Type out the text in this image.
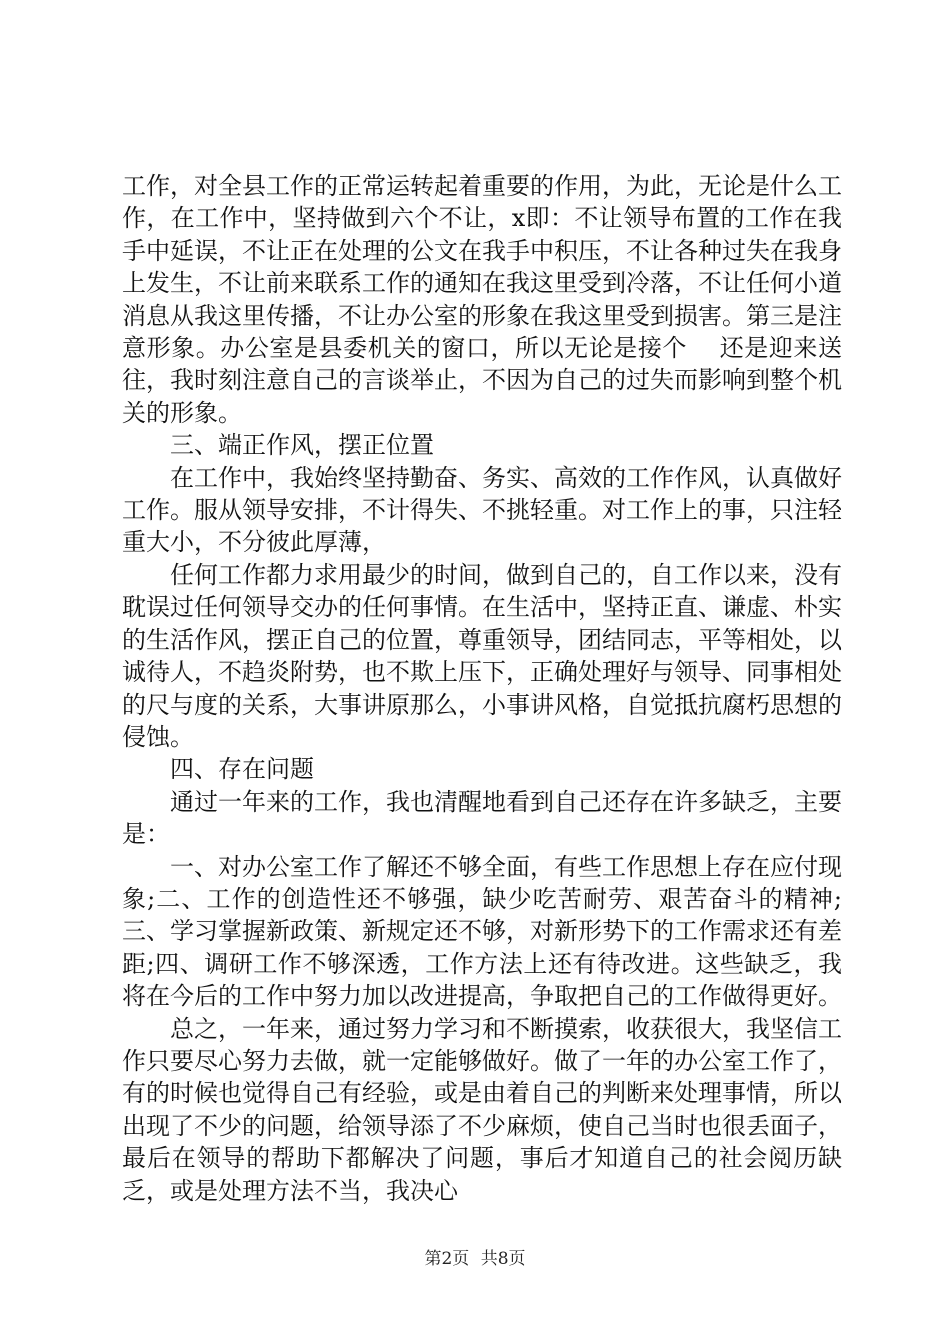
工作，对全县工作的正常运转起着重要的作用，为此，无论是什么工作，在工作中，坚持做到六个不让，x即：不让领导布置的工作在我手中延误，不让正在处理的公文在我手中积压，不让各种过失在我身上发生，不让前来联系工作的通知在我这里受到冷落，不让任何小道消息从我这里传播，不让办公室的形象在我这里受到损害。第三是注意形象。办公室是县委机关的窗口，所以无论是接个　 还是迎来送往，我时刻注意自己的言谈举止，不因为自己的过失而影响到整个机关的形象。

三、端正作风，摆正位置

在工作中，我始终坚持勤奋、务实、高效的工作作风，认真做好工作。服从领导安排，不计得失、不挑轻重。对工作上的事，只注轻重大小，不分彼此厚薄，

任何工作都力求用最少的时间，做到自己的，自工作以来，没有耽误过任何领导交办的任何事情。在生活中，坚持正直、谦虚、朴实的生活作风，摆正自己的位置，尊重领导，团结同志，平等相处，以诚待人，不趋炎附势，也不欺上压下，正确处理好与领导、同事相处的尺与度的关系，大事讲原那么，小事讲风格，自觉抵抗腐朽思想的侵蚀。

四、存在问题

通过一年来的工作，我也清醒地看到自己还存在许多缺乏，主要是：

一、对办公室工作了解还不够全面，有些工作思想上存在应付现象;二、工作的创造性还不够强，缺少吃苦耐劳、艰苦奋斗的精神;三、学习掌握新政策、新规定还不够，对新形势下的工作需求还有差距;四、调研工作不够深透，工作方法上还有待改进。这些缺乏，我将在今后的工作中努力加以改进提高，争取把自己的工作做得更好。

总之，一年来，通过努力学习和不断摸索，收获很大，我坚信工作只要尽心努力去做，就一定能够做好。做了一年的办公室工作了，有的时候也觉得自己有经验，或是由着自己的判断来处理事情，所以出现了不少的问题，给领导添了不少麻烦，使自己当时也很丢面子，最后在领导的帮助下都解决了问题，事后才知道自己的社会阅历缺乏，或是处理方法不当，我决心

第2页 共8页
